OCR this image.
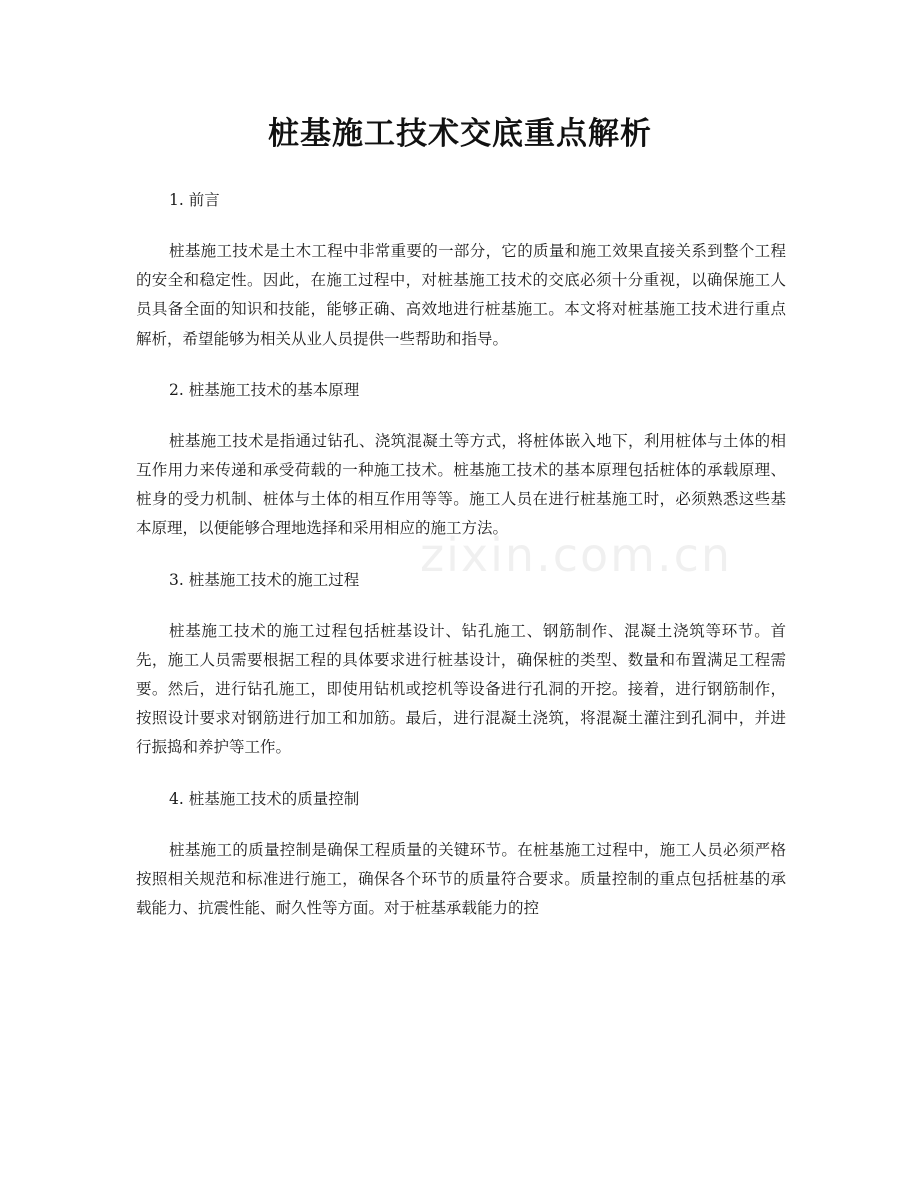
桩基施工技术交底重点解析
zixin.com.cn

1. 前言

桩基施工技术是土木工程中非常重要的一部分，它的质量和施工效果直接关系到整个工程的安全和稳定性。因此，在施工过程中，对桩基施工技术的交底必须十分重视，以确保施工人员具备全面的知识和技能，能够正确、高效地进行桩基施工。本文将对桩基施工技术进行重点解析，希望能够为相关从业人员提供一些帮助和指导。

2. 桩基施工技术的基本原理

桩基施工技术是指通过钻孔、浇筑混凝土等方式，将桩体嵌入地下，利用桩体与土体的相互作用力来传递和承受荷载的一种施工技术。桩基施工技术的基本原理包括桩体的承载原理、桩身的受力机制、桩体与土体的相互作用等等。施工人员在进行桩基施工时，必须熟悉这些基本原理，以便能够合理地选择和采用相应的施工方法。

3. 桩基施工技术的施工过程

桩基施工技术的施工过程包括桩基设计、钻孔施工、钢筋制作、混凝土浇筑等环节。首先，施工人员需要根据工程的具体要求进行桩基设计，确保桩的类型、数量和布置满足工程需要。然后，进行钻孔施工，即使用钻机或挖机等设备进行孔洞的开挖。接着，进行钢筋制作，按照设计要求对钢筋进行加工和加筋。最后，进行混凝土浇筑，将混凝土灌注到孔洞中，并进行振捣和养护等工作。

4. 桩基施工技术的质量控制

桩基施工的质量控制是确保工程质量的关键环节。在桩基施工过程中，施工人员必须严格按照相关规范和标准进行施工，确保各个环节的质量符合要求。质量控制的重点包括桩基的承载能力、抗震性能、耐久性等方面。对于桩基承载能力的控
